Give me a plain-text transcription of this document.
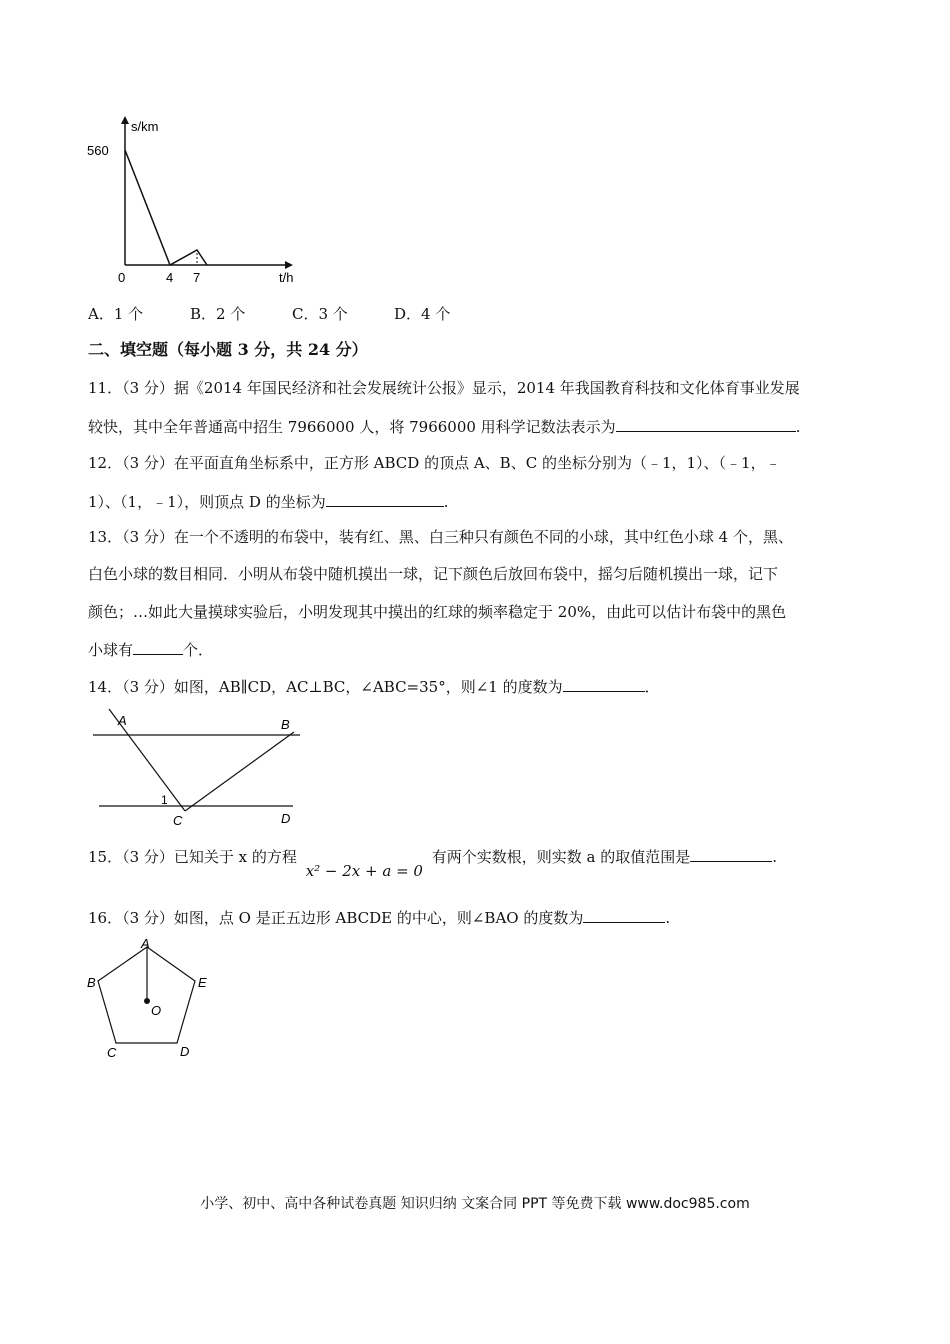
s/km
560
0	4 7	t/h
A．1 个	B．2 个	C．3 个	D．4 个
二、填空题（每小题 3 分，共 24 分）
11．（3 分）据《2014 年国民经济和社会发展统计公报》显示，2014 年我国教育科技和文化体育事业发展
较快，其中全年普通高中招生 7966000 人，将 7966000 用科学记数法表示为	.
12．（3 分）在平面直角坐标系中，正方形 ABCD 的顶点 A、B、C 的坐标分别为（﹣1，1）、（﹣1，﹣
1）、（1，﹣1），则顶点 D 的坐标为	.
13．（3 分）在一个不透明的布袋中，装有红、黑、白三种只有颜色不同的小球，其中红色小球 4 个，黑、
白色小球的数目相同．小明从布袋中随机摸出一球，记下颜色后放回布袋中，摇匀后随机摸出一球，记下
颜色；…如此大量摸球实验后，小明发现其中摸出的红球的频率稳定于 20%，由此可以估计布袋中的黑色
小球有	个．
14．（3 分）如图，AB∥CD，AC⊥BC，∠ABC=35°，则∠1 的度数为	．
A	B
C	D
1
15．（3 分）已知关于 x 的方程 x² − 2x + a = 0 有两个实数根，则实数 a 的取值范围是	.
16．（3 分）如图，点 O 是正五边形 ABCDE 的中心，则∠BAO 的度数为	.
A
B
C	D
E
O
小学、初中、高中各种试卷真题 知识归纳 文案合同 PPT 等免费下载 www.doc985.com
